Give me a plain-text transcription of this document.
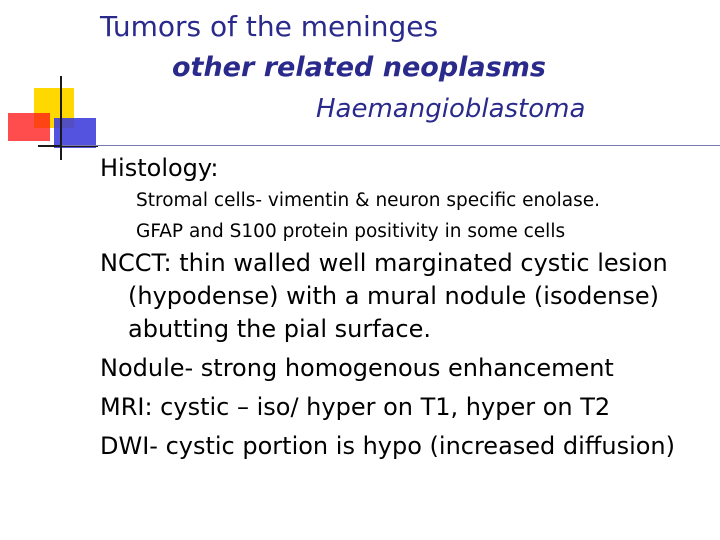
Tumors of the meninges
other related neoplasms
Haemangioblastoma

Histology:

Stromal cells- vimentin & neuron specific enolase.

GFAP and S100 protein positivity in some cells

NCCT: thin walled well marginated cystic lesion (hypodense) with a mural nodule (isodense) abutting the pial surface.

Nodule- strong homogenous enhancement

MRI: cystic – iso/ hyper on T1, hyper on T2

DWI- cystic portion is hypo (increased diffusion)
